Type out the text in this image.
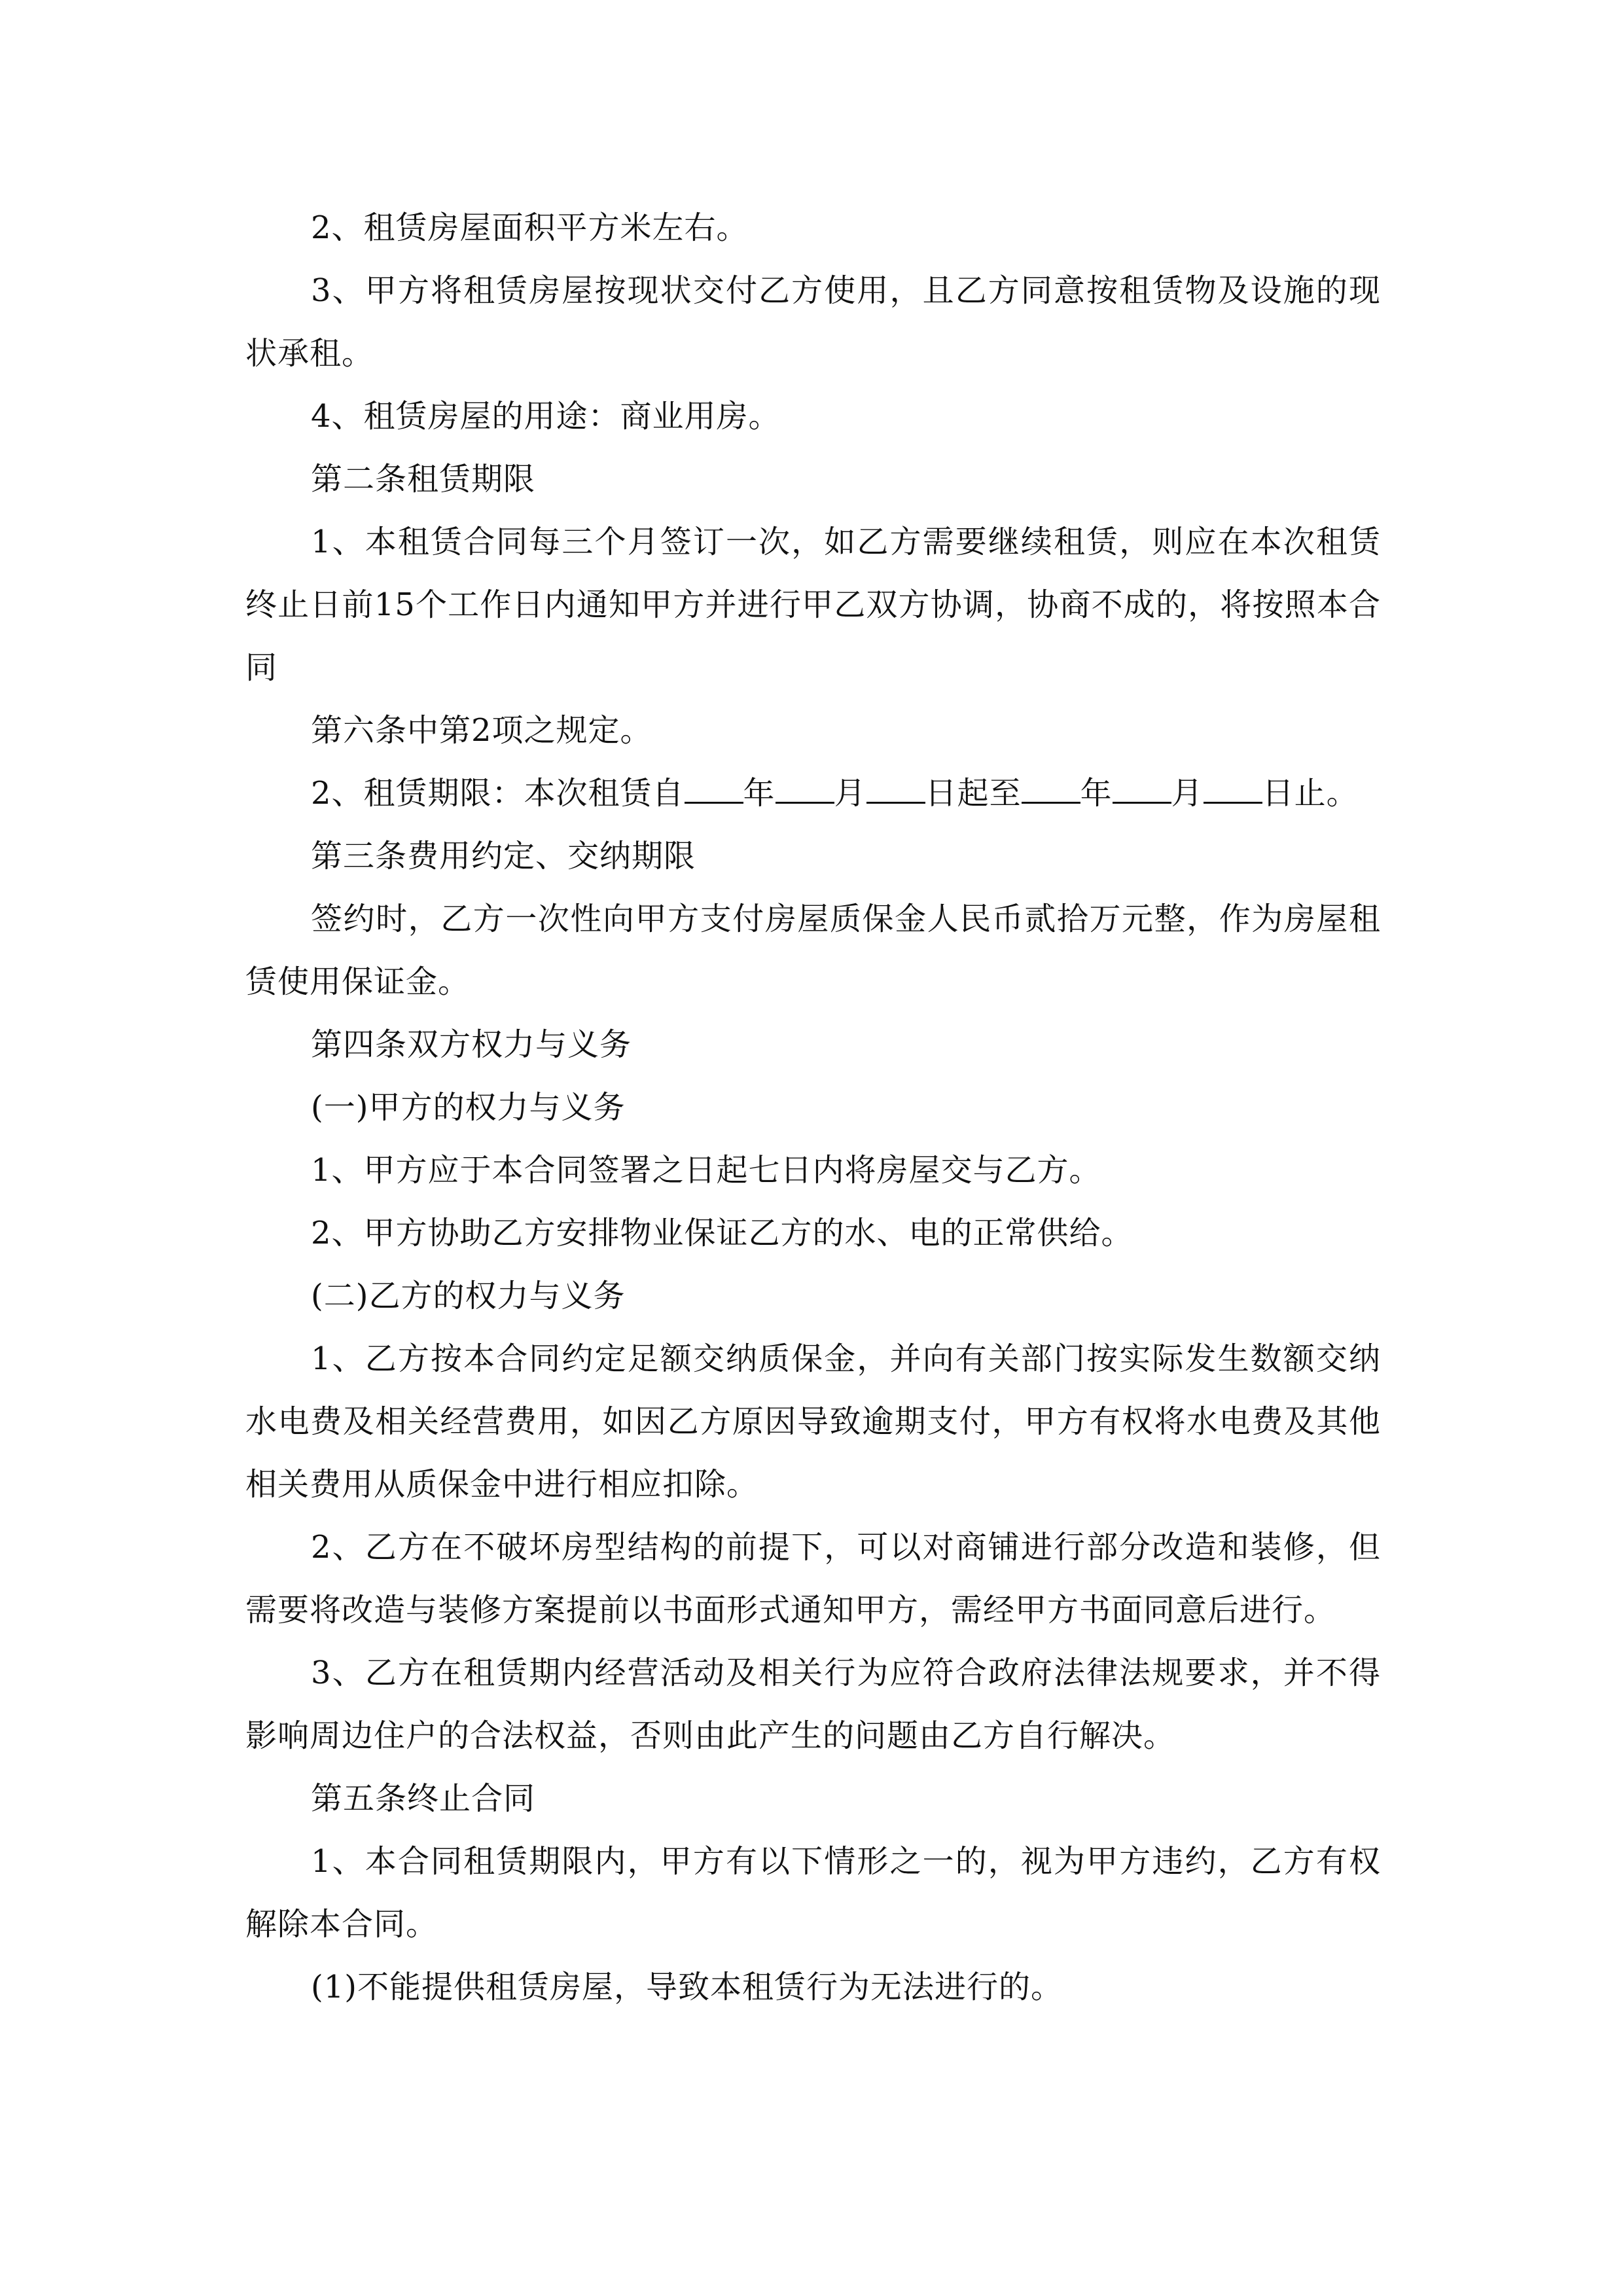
2、租赁房屋面积平方米左右。

3、甲方将租赁房屋按现状交付乙方使用，且乙方同意按租赁物及设施的现状承租。

4、租赁房屋的用途：商业用房。

第二条租赁期限

1、本租赁合同每三个月签订一次，如乙方需要继续租赁，则应在本次租赁终止日前15个工作日内通知甲方并进行甲乙双方协调，协商不成的，将按照本合同

第六条中第2项之规定。

2、租赁期限：本次租赁自 年 月 日起至 年 月 日止。

第三条费用约定、交纳期限

签约时，乙方一次性向甲方支付房屋质保金人民币贰拾万元整，作为房屋租赁使用保证金。

第四条双方权力与义务

(一)甲方的权力与义务

1、甲方应于本合同签署之日起七日内将房屋交与乙方。

2、甲方协助乙方安排物业保证乙方的水、电的正常供给。

(二)乙方的权力与义务

1、乙方按本合同约定足额交纳质保金，并向有关部门按实际发生数额交纳水电费及相关经营费用，如因乙方原因导致逾期支付，甲方有权将水电费及其他相关费用从质保金中进行相应扣除。

2、乙方在不破坏房型结构的前提下，可以对商铺进行部分改造和装修，但需要将改造与装修方案提前以书面形式通知甲方，需经甲方书面同意后进行。

3、乙方在租赁期内经营活动及相关行为应符合政府法律法规要求，并不得影响周边住户的合法权益，否则由此产生的问题由乙方自行解决。

第五条终止合同

1、本合同租赁期限内，甲方有以下情形之一的，视为甲方违约，乙方有权解除本合同。

(1)不能提供租赁房屋，导致本租赁行为无法进行的。
